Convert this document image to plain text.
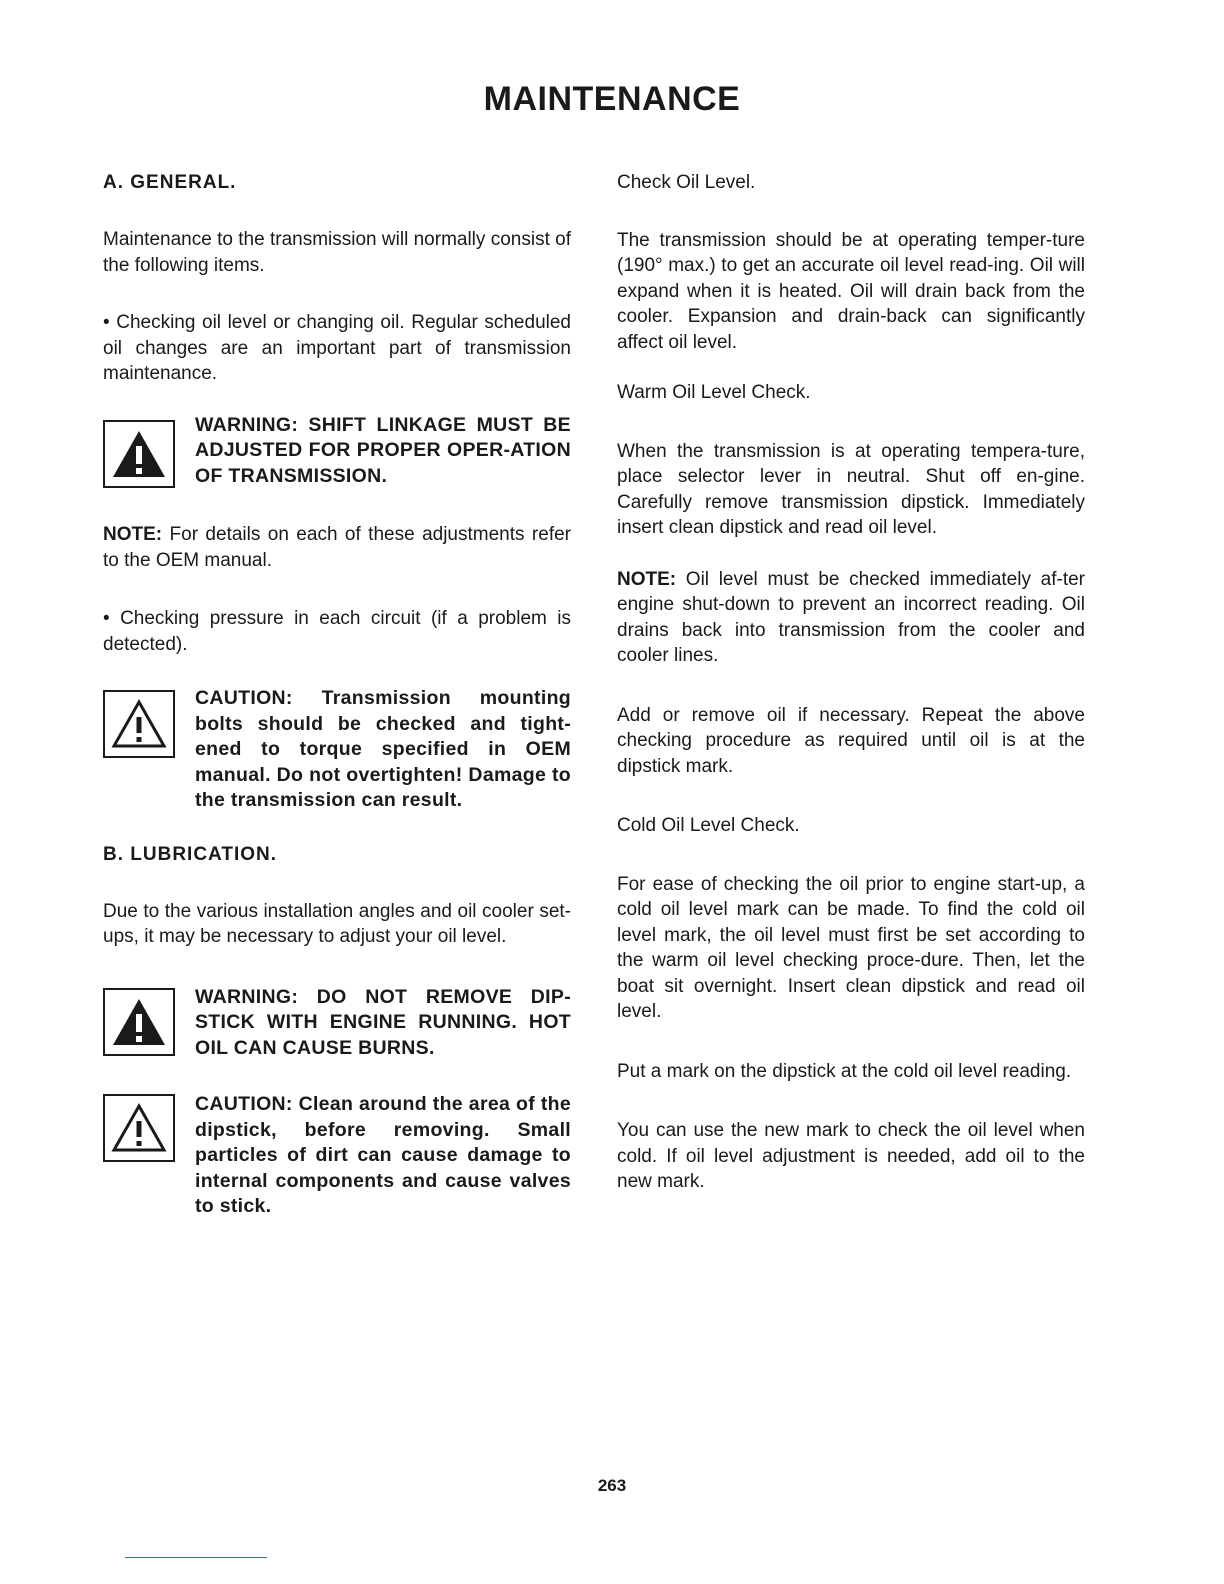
MAINTENANCE
A. GENERAL.

Maintenance to the transmission will normally consist of the following items.

• Checking oil level or changing oil. Regular scheduled oil changes are an important part of transmission maintenance.

WARNING: SHIFT LINKAGE MUST BE ADJUSTED FOR PROPER OPER-ATION OF TRANSMISSION.

NOTE: For details on each of these adjustments refer to the OEM manual.

• Checking pressure in each circuit (if a problem is detected).

CAUTION: Transmission mounting bolts should be checked and tight-ened to torque specified in OEM manual. Do not overtighten! Damage to the transmission can result.
B. LUBRICATION.

Due to the various installation angles and oil cooler set-ups, it may be necessary to adjust your oil level.

WARNING: DO NOT REMOVE DIP-STICK WITH ENGINE RUNNING. HOT OIL CAN CAUSE BURNS.
CAUTION: Clean around the area of the dipstick, before removing. Small particles of dirt can cause damage to internal components and cause valves to stick.

Check Oil Level.

The transmission should be at operating temper-ture (190° max.) to get an accurate oil level read-ing. Oil will expand when it is heated. Oil will drain back from the cooler. Expansion and drain-back can significantly affect oil level.

Warm Oil Level Check.

When the transmission is at operating tempera-ture, place selector lever in neutral. Shut off en-gine. Carefully remove transmission dipstick. Immediately insert clean dipstick and read oil level.

NOTE: Oil level must be checked immediately af-ter engine shut-down to prevent an incorrect reading. Oil drains back into transmission from the cooler and cooler lines.

Add or remove oil if necessary. Repeat the above checking procedure as required until oil is at the dipstick mark.

Cold Oil Level Check.

For ease of checking the oil prior to engine start-up, a cold oil level mark can be made. To find the cold oil level mark, the oil level must first be set according to the warm oil level checking proce-dure. Then, let the boat sit overnight. Insert clean dipstick and read oil level.

Put a mark on the dipstick at the cold oil level reading.

You can use the new mark to check the oil level when cold. If oil level adjustment is needed, add oil to the new mark.

263
